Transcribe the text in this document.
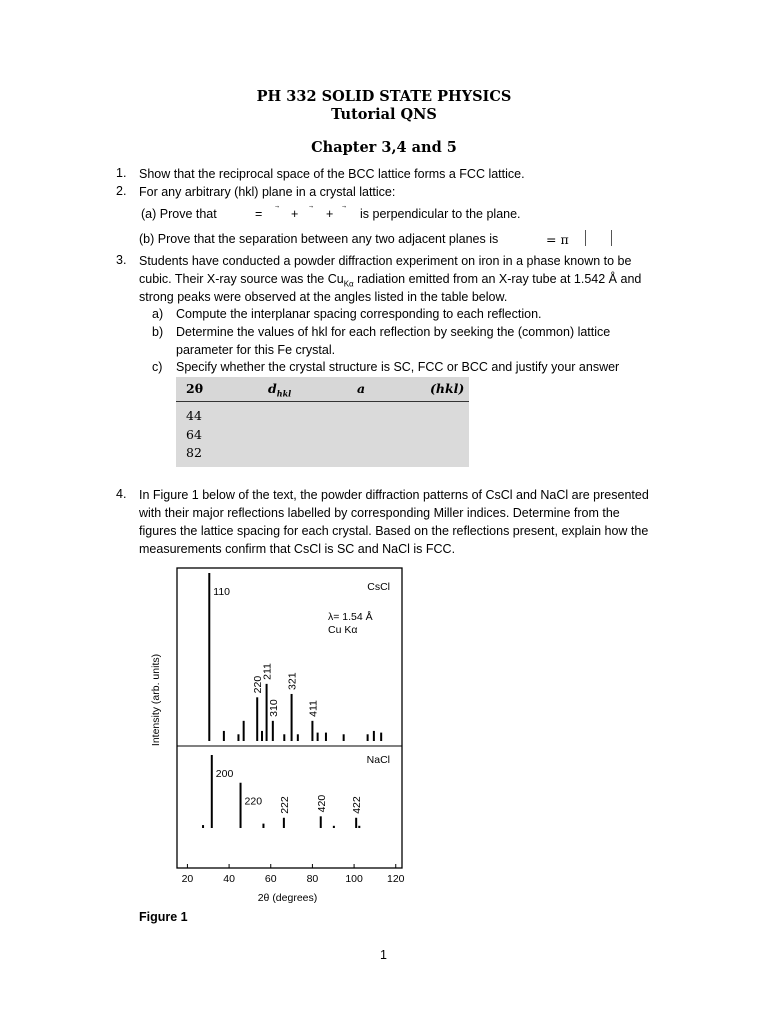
PH 332 SOLID STATE PHYSICS
Tutorial QNS
Chapter 3,4 and 5
1. Show that the reciprocal space of the BCC lattice forms a FCC lattice.
2. For any arbitrary (hkl) plane in a crystal lattice:
(a) Prove that	= + + is perpendicular to the plane.
(b) Prove that the separation between any two adjacent planes is	= π
3. Students have conducted a powder diffraction experiment on iron in a phase known to be
cubic. Their X-ray source was the $Cu_{K\alpha}$ radiation emitted from an X-ray tube at 1.542 Å and
strong peaks were observed at the angles listed in the table below.
a) Compute the interplanar spacing corresponding to each reflection.
b) Determine the values of hkl for each reflection by seeking the (common) lattice
parameter for this Fe crystal.
c) Specify whether the crystal structure is SC, FCC or BCC and justify your answer
2θ	$d_{hkl}$	a	(hkl)
44
64
82
4. In Figure 1 below of the text, the powder diffraction patterns of CsCl and NaCl are presented
with their major reflections labelled by corresponding Miller indices. Determine from the
figures the lattice spacing for each crystal. Based on the reflections present, explain how the
measurements confirm that CsCl is SC and NaCl is FCC.
20	40	60	80	100 120
2θ (degrees)
Intensity (arb. units)
110
220
211
310
321
411
CsCl
λ= 1.54 Å
Cu Kα
200
220 222 420 422
NaCl
Figure 1
1
